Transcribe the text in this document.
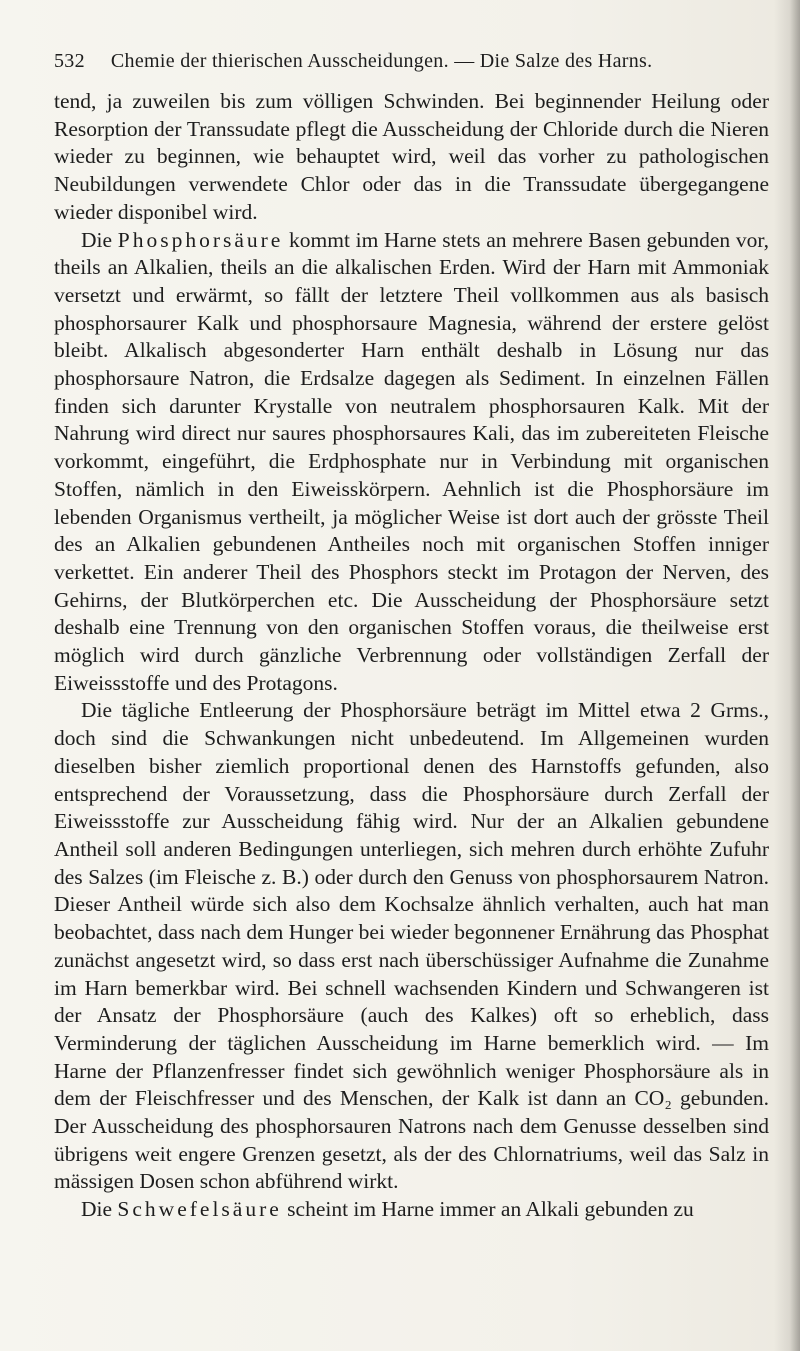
532 Chemie der thierischen Ausscheidungen. — Die Salze des Harns.

tend, ja zuweilen bis zum völligen Schwinden. Bei beginnender Heilung oder Resorption der Transsudate pflegt die Ausscheidung der Chloride durch die Nieren wieder zu beginnen, wie behauptet wird, weil das vorher zu pathologischen Neubildungen verwendete Chlor oder das in die Transsudate übergegangene wieder disponibel wird.

Die Phosphorsäure kommt im Harne stets an mehrere Basen gebunden vor, theils an Alkalien, theils an die alkalischen Erden. Wird der Harn mit Ammoniak versetzt und erwärmt, so fällt der letztere Theil vollkommen aus als basisch phosphorsaurer Kalk und phosphorsaure Magnesia, während der erstere gelöst bleibt. Alkalisch abgesonderter Harn enthält deshalb in Lösung nur das phosphorsaure Natron, die Erdsalze dagegen als Sediment. In einzelnen Fällen finden sich darunter Krystalle von neutralem phosphorsauren Kalk. Mit der Nahrung wird direct nur saures phosphorsaures Kali, das im zubereiteten Fleische vorkommt, eingeführt, die Erdphosphate nur in Verbindung mit organischen Stoffen, nämlich in den Eiweisskörpern. Aehnlich ist die Phosphorsäure im lebenden Organismus vertheilt, ja möglicher Weise ist dort auch der grösste Theil des an Alkalien gebundenen Antheiles noch mit organischen Stoffen inniger verkettet. Ein anderer Theil des Phosphors steckt im Protagon der Nerven, des Gehirns, der Blutkörperchen etc. Die Ausscheidung der Phosphorsäure setzt deshalb eine Trennung von den organischen Stoffen voraus, die theilweise erst möglich wird durch gänzliche Verbrennung oder vollständigen Zerfall der Eiweissstoffe und des Protagons.

Die tägliche Entleerung der Phosphorsäure beträgt im Mittel etwa 2 Grms., doch sind die Schwankungen nicht unbedeutend. Im Allgemeinen wurden dieselben bisher ziemlich proportional denen des Harnstoffs gefunden, also entsprechend der Voraussetzung, dass die Phosphorsäure durch Zerfall der Eiweissstoffe zur Ausscheidung fähig wird. Nur der an Alkalien gebundene Antheil soll anderen Bedingungen unterliegen, sich mehren durch erhöhte Zufuhr des Salzes (im Fleische z. B.) oder durch den Genuss von phosphorsaurem Natron. Dieser Antheil würde sich also dem Kochsalze ähnlich verhalten, auch hat man beobachtet, dass nach dem Hunger bei wieder begonnener Ernährung das Phosphat zunächst angesetzt wird, so dass erst nach überschüssiger Aufnahme die Zunahme im Harn bemerkbar wird. Bei schnell wachsenden Kindern und Schwangeren ist der Ansatz der Phosphorsäure (auch des Kalkes) oft so erheblich, dass Verminderung der täglichen Ausscheidung im Harne bemerklich wird. — Im Harne der Pflanzenfresser findet sich gewöhnlich weniger Phosphorsäure als in dem der Fleischfresser und des Menschen, der Kalk ist dann an CO₂ gebunden. Der Ausscheidung des phosphorsauren Natrons nach dem Genusse desselben sind übrigens weit engere Grenzen gesetzt, als der des Chlornatriums, weil das Salz in mässigen Dosen schon abführend wirkt.

Die Schwefelsäure scheint im Harne immer an Alkali gebunden zu
